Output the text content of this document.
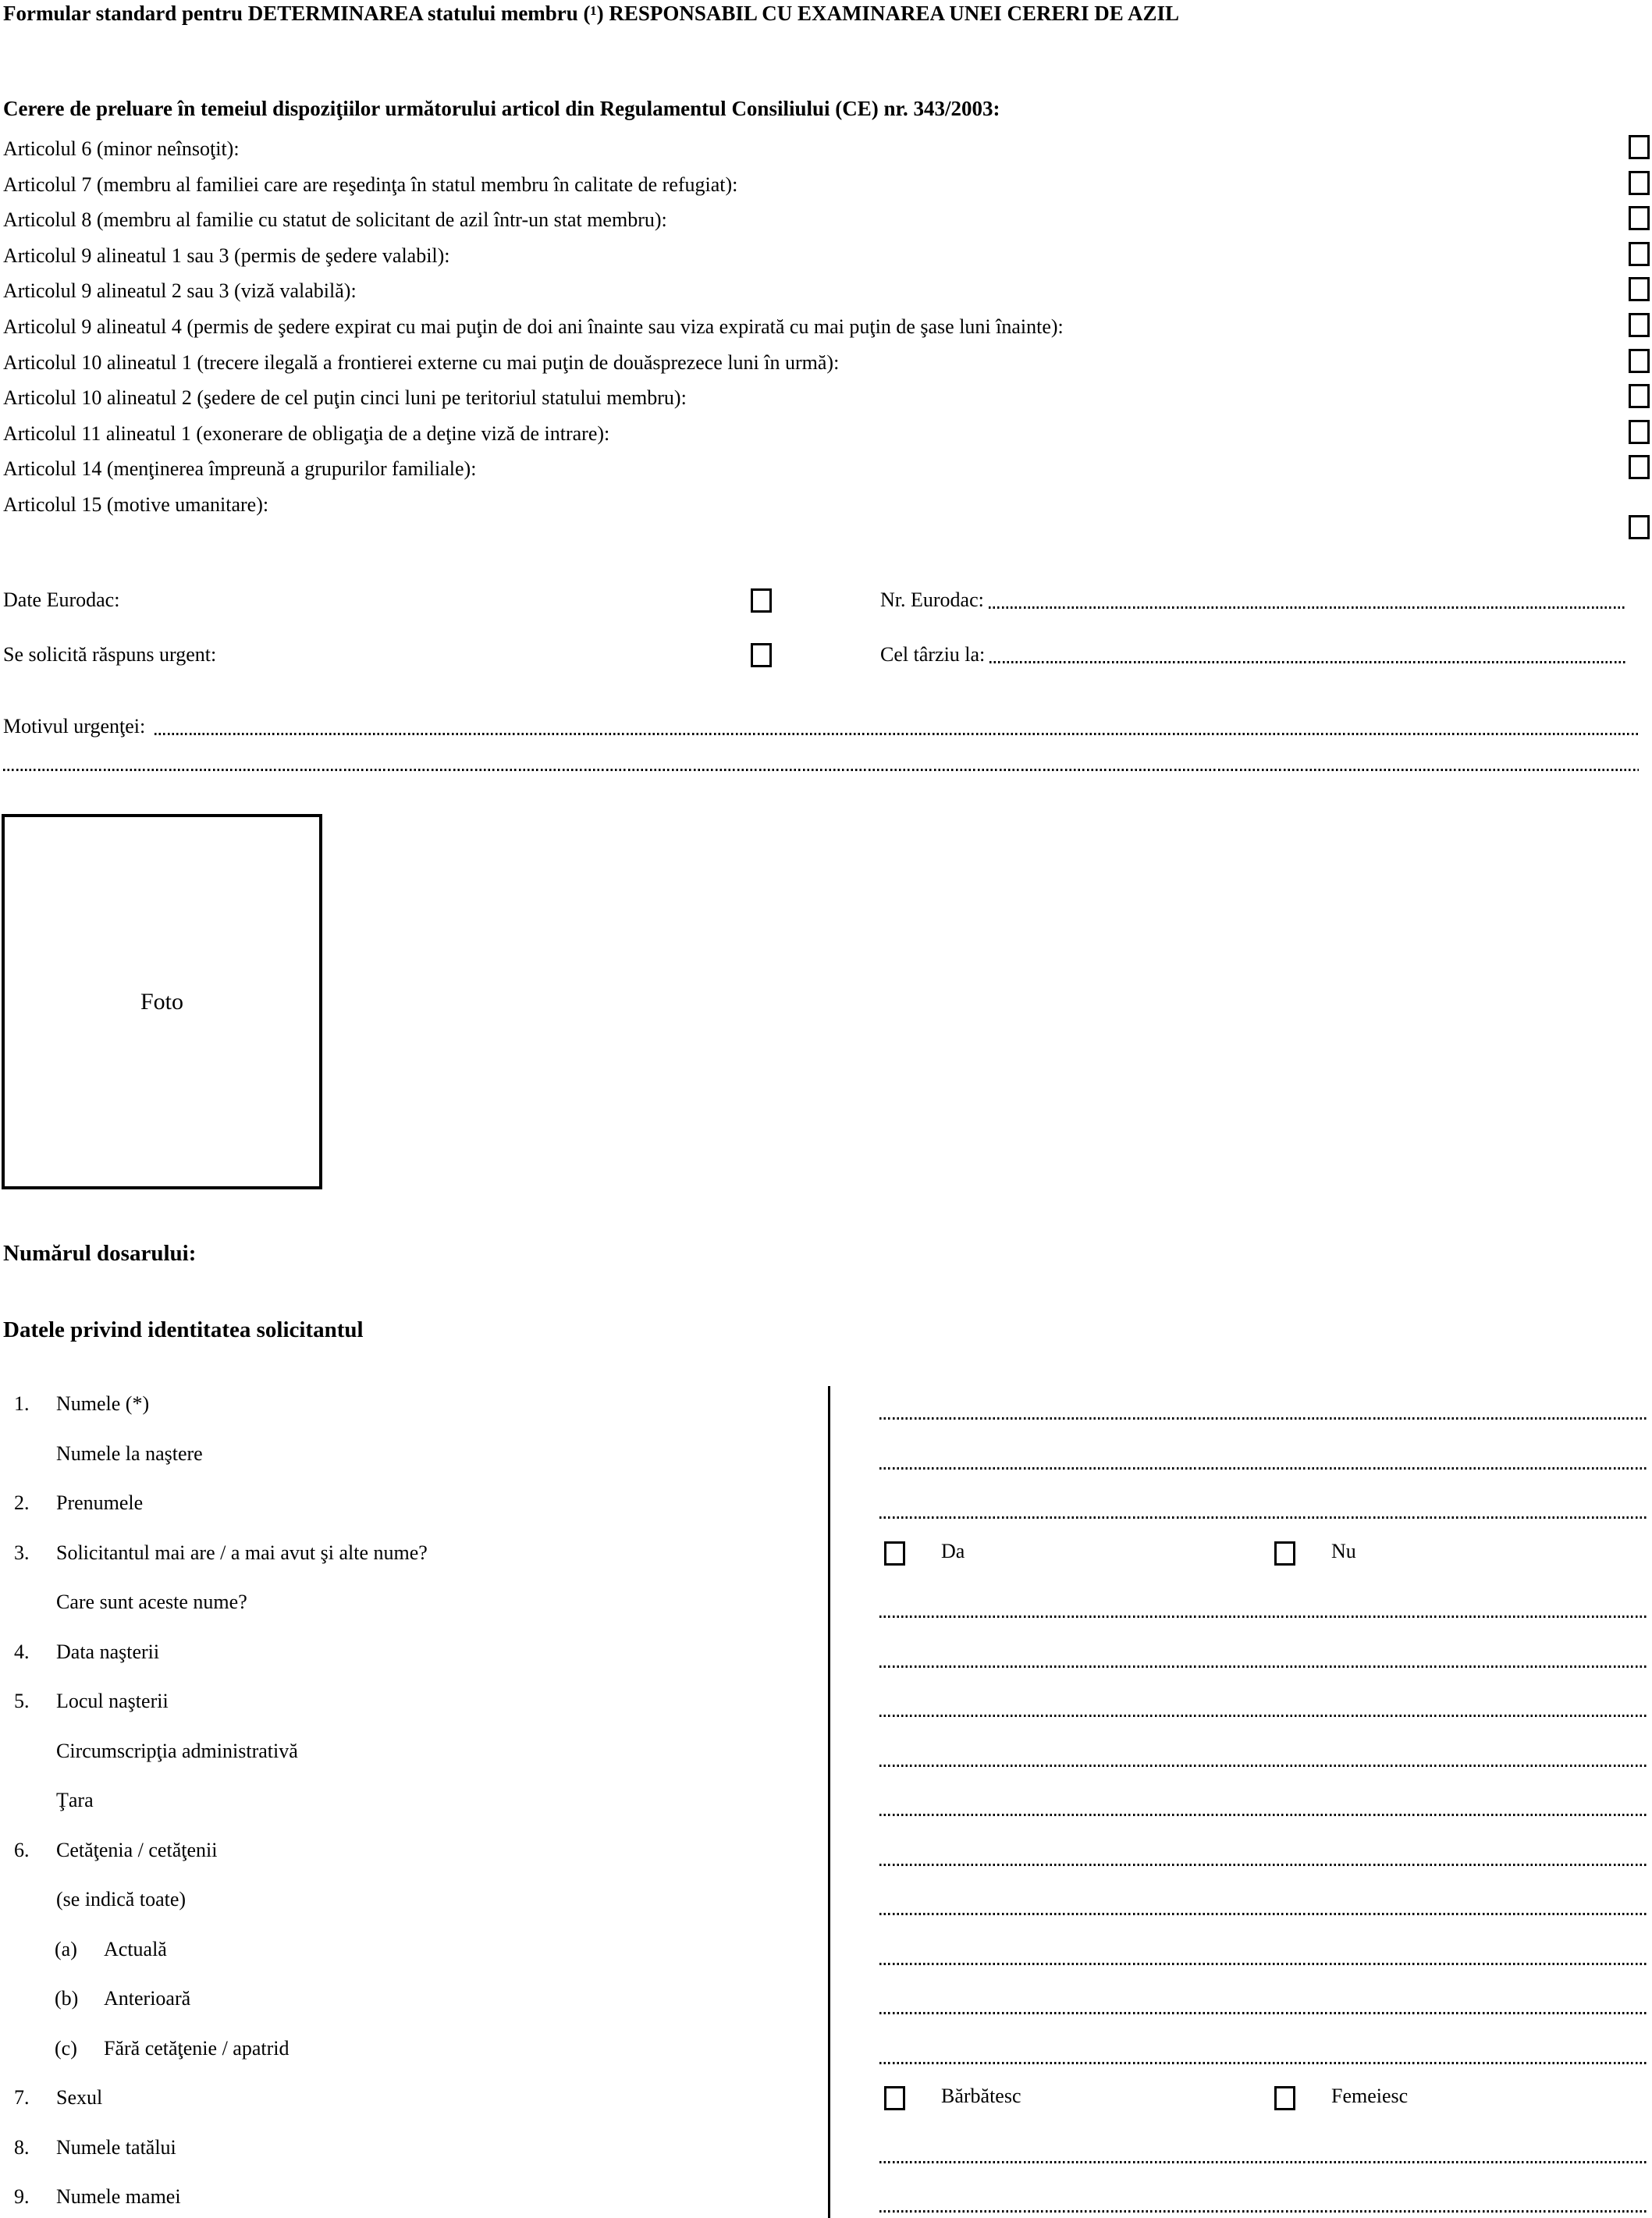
Formular standard pentru DETERMINAREA statului membru (¹) RESPONSABIL CU EXAMINAREA UNEI CERERI DE AZIL
Cerere de preluare în temeiul dispoziţiilor următorului articol din Regulamentul Consiliului (CE) nr. 343/2003:
Articolul 6 (minor neînsoţit):
Articolul 7 (membru al familiei care are reşedinţa în statul membru în calitate de refugiat):
Articolul 8 (membru al familie cu statut de solicitant de azil într-un stat membru):
Articolul 9 alineatul 1 sau 3 (permis de şedere valabil):
Articolul 9 alineatul 2 sau 3 (viză valabilă):
Articolul 9 alineatul 4 (permis de şedere expirat cu mai puţin de doi ani înainte sau viza expirată cu mai puţin de şase luni înainte):
Articolul 10 alineatul 1 (trecere ilegală a frontierei externe cu mai puţin de douăsprezece luni în urmă):
Articolul 10 alineatul 2 (şedere de cel puţin cinci luni pe teritoriul statului membru):
Articolul 11 alineatul 1 (exonerare de obligaţia de a deţine viză de intrare):
Articolul 14 (menţinerea împreună a grupurilor familiale):
Articolul 15 (motive umanitare):
Date Eurodac:	Nr. Eurodac:
Se solicită răspuns urgent:	Cel târziu la:
Motivul urgenţei:
Foto
Numărul dosarului:
Datele privind identitatea solicitantul
1. Numele (*)
Numele la naştere
2. Prenumele
3. Solicitantul mai are / a mai avut şi alte nume?	Da	Nu
Care sunt aceste nume?
4. Data naşterii
5. Locul naşterii
Circumscripţia administrativă
Ţara
6. Cetăţenia / cetăţenii
(se indică toate)
(a) Actuală
(b) Anterioară
(c) Fără cetăţenie / apatrid
7. Sexul	Bărbătesc	Femeiesc
8. Numele tatălui
9. Numele mamei
